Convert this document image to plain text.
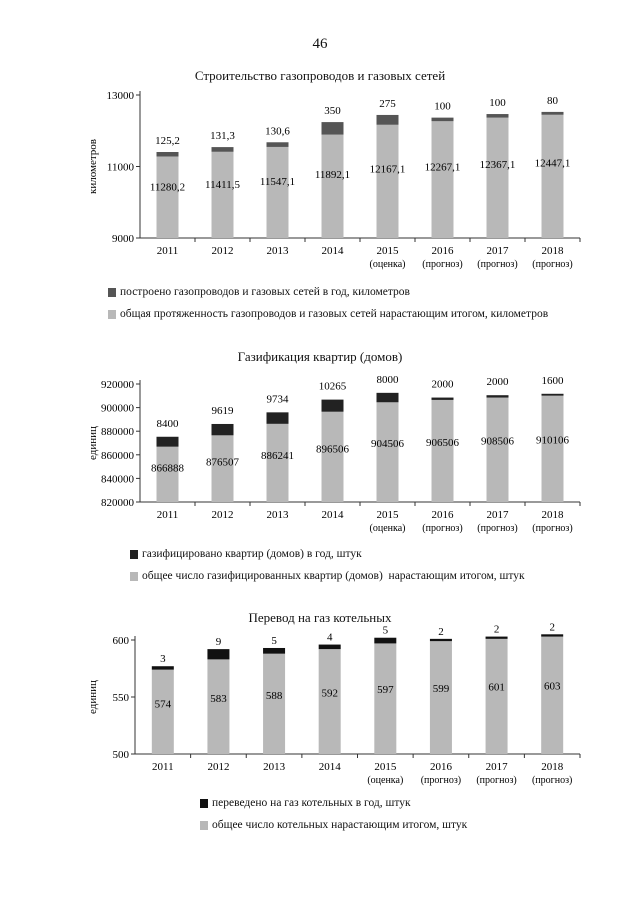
46
Строительство газопроводов и газовых сетей
9000
11000
13000
километров
2011
11280,2
125,2
2012
11411,5
131,3
2013
11547,1
130,6
2014
11892,1
350
2015
(оценка)
12167,1
275
2016
(прогноз)
12267,1
100
2017
(прогноз)
12367,1
100
2018
(прогноз)
12447,1
80
построено газопроводов и газовых сетей в год, километров
общая протяженность газопроводов и газовых сетей нарастающим итогом, километров
Газификация квартир (домов)
820000
840000
860000
880000
900000
920000
единиц
2011
866888
8400
2012
876507
9619
2013
886241
9734
2014
896506
10265
2015
(оценка)
904506
8000
2016
(прогноз)
906506
2000
2017
(прогноз)
908506
2000
2018
(прогноз)
910106
1600
газифицировано квартир (домов) в год, штук
общее число газифицированных квартир (домов)  нарастающим итогом, штук
Перевод на газ котельных
500
550
600
единиц
2011
574
3
2012
583
9
2013
588
5
2014
592
4
2015
(оценка)
597
5
2016
(прогноз)
599
2
2017
(прогноз)
601
2
2018
(прогноз)
603
2
переведено на газ котельных в год, штук
общее число котельных нарастающим итогом, штук
